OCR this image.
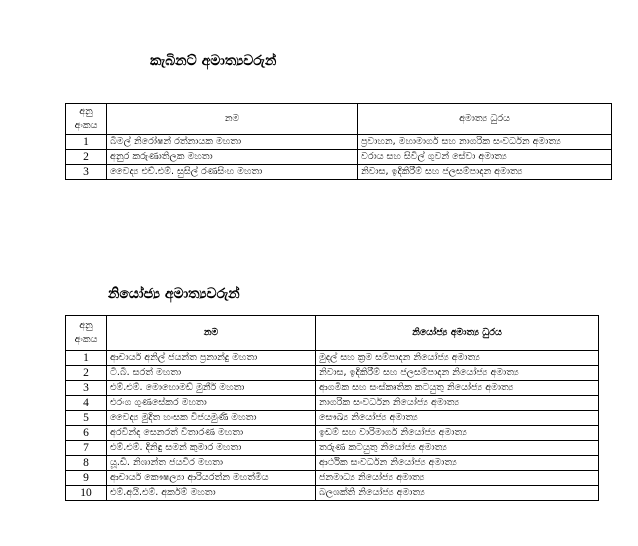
කැබිනට් අමාත්‍යවරුන්
අනු අංකය	නම	අමාත්‍ය ධුරය
1	බිමල් නිරෝෂන් රත්නායක මහතා	ප්‍රවාහන, මහාමාර්ග සහ නාගරික සංවර්ධන අමාත්‍ය
2	අනුර කරුණාතිලක මහතා	වරාය සහ සිවිල් ගුවන් සේවා අමාත්‍ය
3	වෛද්‍ය එච්.එම්. සුසිල් රණසිංහ මහතා	නිවාස, ඉදිකිරීම් සහ ජලසම්පාදන අමාත්‍ය
නියෝජ්‍ය අමාත්‍යවරුන්
අනු අංකය	නම	නියෝජ්‍ය අමාත්‍ය ධුරය
1	ආචාර්ය අනිල් ජයන්ත ප්‍රනාන්දු මහතා	මුදල් සහ ක්‍රම සම්පාදන නියෝජ්‍ය අමාත්‍ය
2	ටී.බී. සරත් මහතා	නිවාස, ඉදිකිරීම් සහ ජලසම්පාදන නියෝජ්‍ය අමාත්‍ය
3	එම්.එම්. මොහොමඩ් මුනීර් මහතා	ආගමික සහ සංස්කෘතික කටයුතු නියෝජ්‍ය අමාත්‍ය
4	එරංග ගුණසේකර මහතා	නාගරික සංවර්ධන නියෝජ්‍ය අමාත්‍ය
5	වෛද්‍ය මුදිත හංසක විජයමුණි මහතා	සෞඛ්‍ය නියෝජ්‍ය අමාත්‍ය
6	අරවින්ද සෙනරත් විතාරණ මහතා	ඉඩම් සහ වාරිමාර්ග නියෝජ්‍ය අමාත්‍ය
7	එම්.එම්. දිනිඳු සමන් කුමාර මහතා	තරුණ කටයුතු නියෝජ්‍ය අමාත්‍ය
8	යූ.ඩී. නිශාන්ත ජයවීර මහතා	ආර්ථික සංවර්ධන නියෝජ්‍ය අමාත්‍ය
9	ආචාර්ය කෞෂල්‍යා ආරියරත්න මහත්මිය	ජනමාධ්‍ය නියෝජ්‍ය අමාත්‍ය
10	එම්.අයි.එම්. අර්කම් මහතා	බලශක්ති නියෝජ්‍ය අමාත්‍ය
